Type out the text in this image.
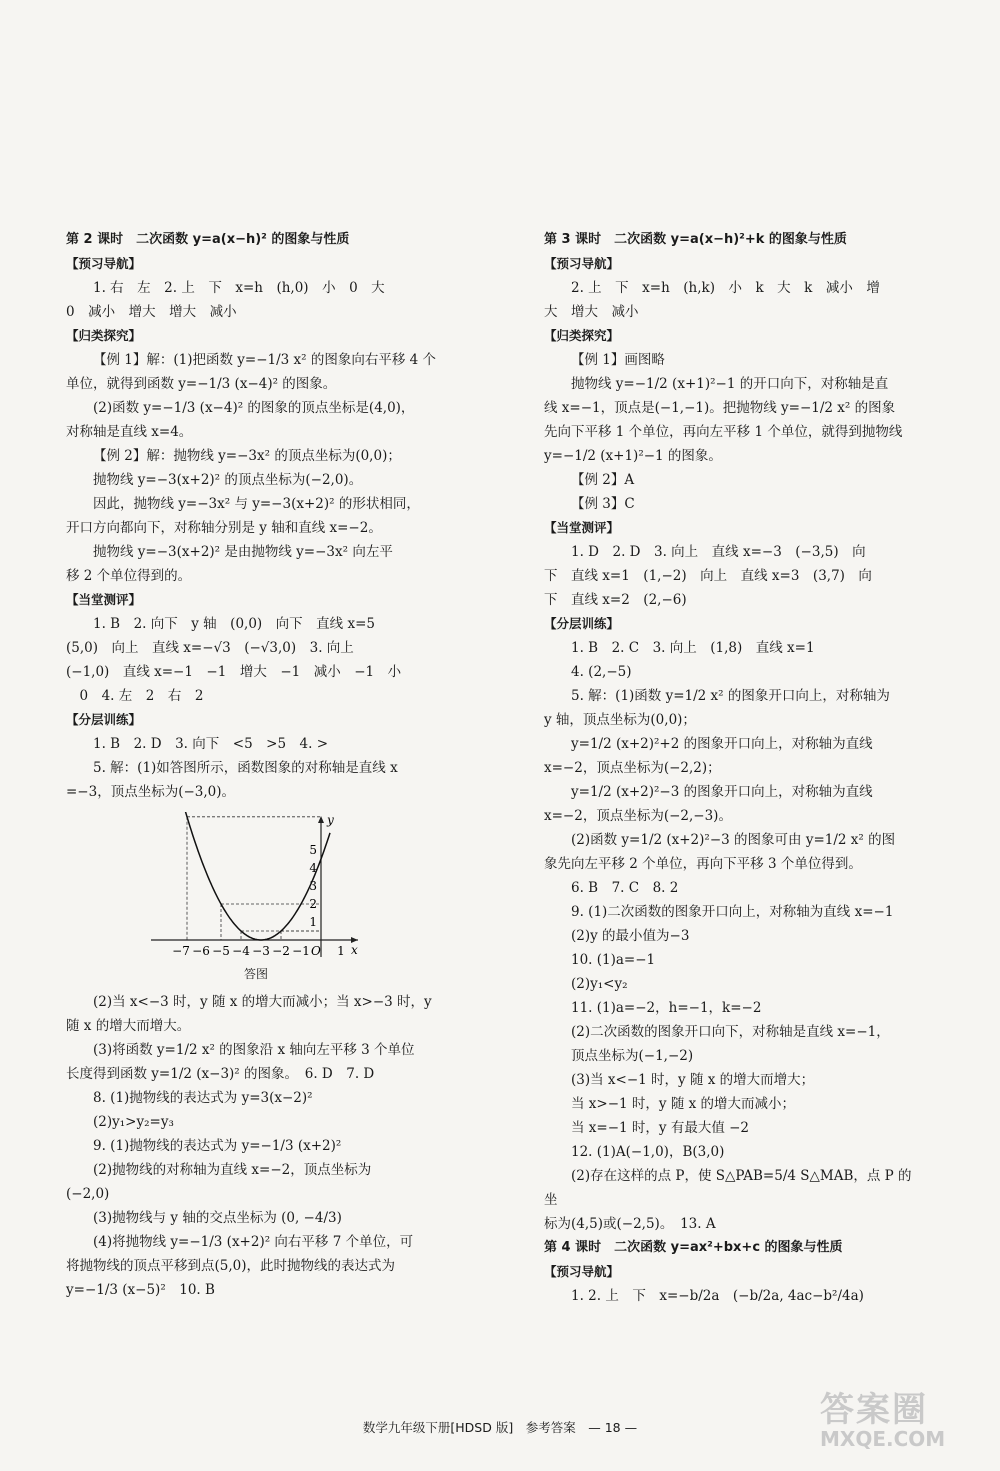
第 2 课时　二次函数 y=a(x−h)² 的图象与性质

【预习导航】

1. 右　左　2. 上　下　x=h　(h,0)　小　0　大

0　减小　增大　增大　减小

【归类探究】

【例 1】解：(1)把函数 y=−1/3 x² 的图象向右平移 4 个

单位，就得到函数 y=−1/3 (x−4)² 的图象。

(2)函数 y=−1/3 (x−4)² 的图象的顶点坐标是(4,0)，

对称轴是直线 x=4。

【例 2】解：抛物线 y=−3x² 的顶点坐标为(0,0)；

抛物线 y=−3(x+2)² 的顶点坐标为(−2,0)。

因此，抛物线 y=−3x² 与 y=−3(x+2)² 的形状相同，

开口方向都向下，对称轴分别是 y 轴和直线 x=−2。

抛物线 y=−3(x+2)² 是由抛物线 y=−3x² 向左平

移 2 个单位得到的。

【当堂测评】

1. B　2. 向下　y 轴　(0,0)　向下　直线 x=5

(5,0)　向上　直线 x=−√3　(−√3,0)　3. 向上

(−1,0)　直线 x=−1　−1　增大　−1　减小　−1　小

　0　4. 左　2　右　2

【分层训练】

1. B　2. D　3. 向下　<5　>5　4. >

5. 解：(1)如答图所示，函数图象的对称轴是直线 x

=−3，顶点坐标为(−3,0)。

−7 −6 −5 −4 −3 −2 −1 1
5
4
3
2
1
O	x
y
答图

(2)当 x<−3 时，y 随 x 的增大而减小；当 x>−3 时，y

随 x 的增大而增大。

(3)将函数 y=1/2 x² 的图象沿 x 轴向左平移 3 个单位

长度得到函数 y=1/2 (x−3)² 的图象。　6. D　7. D

8. (1)抛物线的表达式为 y=3(x−2)²

(2)y₁>y₂=y₃

9. (1)抛物线的表达式为 y=−1/3 (x+2)²

(2)抛物线的对称轴为直线 x=−2，顶点坐标为

(−2,0)

(3)抛物线与 y 轴的交点坐标为 (0, −4/3)

(4)将抛物线 y=−1/3 (x+2)² 向右平移 7 个单位，可

将抛物线的顶点平移到点(5,0)，此时抛物线的表达式为

y=−1/3 (x−5)²　10. B

第 3 课时　二次函数 y=a(x−h)²+k 的图象与性质

【预习导航】

2. 上　下　x=h　(h,k)　小　k　大　k　减小　增

大　增大　减小

【归类探究】

【例 1】画图略

抛物线 y=−1/2 (x+1)²−1 的开口向下，对称轴是直

线 x=−1，顶点是(−1,−1)。把抛物线 y=−1/2 x² 的图象

先向下平移 1 个单位，再向左平移 1 个单位，就得到抛物线

y=−1/2 (x+1)²−1 的图象。

【例 2】A

【例 3】C

【当堂测评】

1. D　2. D　3. 向上　直线 x=−3　(−3,5)　向

下　直线 x=1　(1,−2)　向上　直线 x=3　(3,7)　向

下　直线 x=2　(2,−6)

【分层训练】

1. B　2. C　3. 向上　(1,8)　直线 x=1

4. (2,−5)

5. 解：(1)函数 y=1/2 x² 的图象开口向上，对称轴为

y 轴，顶点坐标为(0,0)；

y=1/2 (x+2)²+2 的图象开口向上，对称轴为直线

x=−2，顶点坐标为(−2,2)；

y=1/2 (x+2)²−3 的图象开口向上，对称轴为直线

x=−2，顶点坐标为(−2,−3)。

(2)函数 y=1/2 (x+2)²−3 的图象可由 y=1/2 x² 的图

象先向左平移 2 个单位，再向下平移 3 个单位得到。

6. B　7. C　8. 2

9. (1)二次函数的图象开口向上，对称轴为直线 x=−1

(2)y 的最小值为−3

10. (1)a=−1

(2)y₁<y₂

11. (1)a=−2，h=−1，k=−2

(2)二次函数的图象开口向下，对称轴是直线 x=−1，

顶点坐标为(−1,−2)

(3)当 x<−1 时，y 随 x 的增大而增大；

当 x>−1 时，y 随 x 的增大而减小；

当 x=−1 时，y 有最大值 −2

12. (1)A(−1,0)，B(3,0)

(2)存在这样的点 P，使 S△PAB=5/4 S△MAB，点 P 的坐

标为(4,5)或(−2,5)。　13. A

第 4 课时　二次函数 y=ax²+bx+c 的图象与性质

【预习导航】

1. 2. 上　下　x=−b/2a　(−b/2a, 4ac−b²/4a)

数学九年级下册[HDSD 版]　参考答案　— 18 —	答案圈
MXQE.COM
